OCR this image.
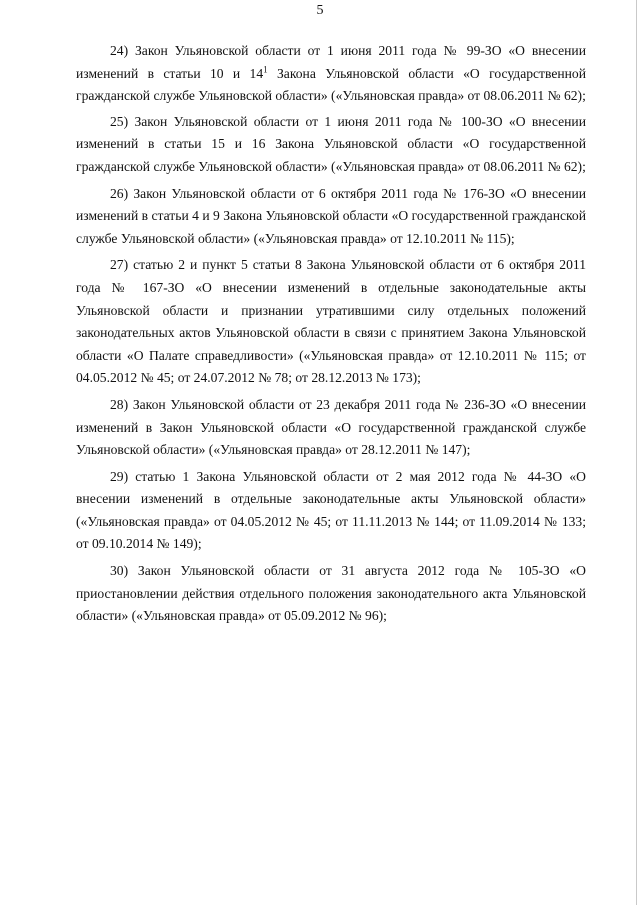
5

24) Закон Ульяновской области от 1 июня 2011 года № 99-ЗО «О внесении изменений в статьи 10 и $14^1$ Закона Ульяновской области «О государственной гражданской службе Ульяновской области» («Ульяновская правда» от 08.06.2011 № 62);

25) Закон Ульяновской области от 1 июня 2011 года № 100-ЗО «О внесении изменений в статьи 15 и 16 Закона Ульяновской области «О государственной гражданской службе Ульяновской области» («Ульяновская правда» от 08.06.2011 № 62);

26) Закон Ульяновской области от 6 октября 2011 года № 176-ЗО «О внесении изменений в статьи 4 и 9 Закона Ульяновской области «О государственной гражданской службе Ульяновской области» («Ульяновская правда» от 12.10.2011 № 115);

27) статью 2 и пункт 5 статьи 8 Закона Ульяновской области от 6 октября 2011 года № 167-ЗО «О внесении изменений в отдельные законодательные акты Ульяновской области и признании утратившими силу отдельных положений законодательных актов Ульяновской области в связи с принятием Закона Ульяновской области «О Палате справедливости» («Ульяновская правда» от 12.10.2011 № 115; от 04.05.2012 № 45; от 24.07.2012 № 78; от 28.12.2013 № 173);

28) Закон Ульяновской области от 23 декабря 2011 года № 236-ЗО «О внесении изменений в Закон Ульяновской области «О государственной гражданской службе Ульяновской области» («Ульяновская правда» от 28.12.2011 № 147);

29) статью 1 Закона Ульяновской области от 2 мая 2012 года № 44-ЗО «О внесении изменений в отдельные законодательные акты Ульяновской области» («Ульяновская правда» от 04.05.2012 № 45; от 11.11.2013 № 144; от 11.09.2014 № 133; от 09.10.2014 № 149);

30) Закон Ульяновской области от 31 августа 2012 года № 105-ЗО «О приостановлении действия отдельного положения законодательного акта Ульяновской области» («Ульяновская правда» от 05.09.2012 № 96);
